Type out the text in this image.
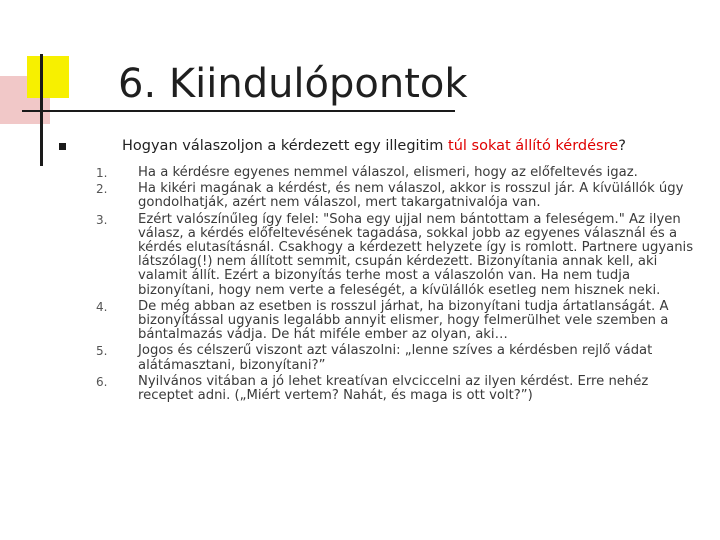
6. Kiindulópontok
Hogyan válaszoljon a kérdezett egy illegitim túl sokat állító kérdésre?
1. Ha a kérdésre egyenes nemmel válaszol, elismeri, hogy az előfeltevés igaz.
2. Ha kikéri magának a kérdést, és nem válaszol, akkor is rosszul jár. A kívülállók úgy gondolhatják, azért nem válaszol, mert takargatnivalója van.
3. Ezért valószínűleg így felel: "Soha egy ujjal nem bántottam a feleségem." Az ilyen válasz, a kérdés előfeltevésének tagadása, sokkal jobb az egyenes válasznál és a kérdés elutasításnál. Csakhogy a kérdezett helyzete így is romlott. Partnere ugyanis látszólag(!) nem állított semmit, csupán kérdezett. Bizonyítania annak kell, aki valamit állít. Ezért a bizonyítás terhe most a válaszolón van. Ha nem tudja bizonyítani, hogy nem verte a feleségét, a kívülállók esetleg nem hisznek neki.
4. De még abban az esetben is rosszul járhat, ha bizonyítani tudja ártatlanságát. A bizonyítással ugyanis legalább annyit elismer, hogy felmerülhet vele szemben a bántalmazás vádja. De hát miféle ember az olyan, aki…
5. Jogos és célszerű viszont azt válaszolni: „lenne szíves a kérdésben rejlő vádat alátámasztani, bizonyítani?”
6. Nyilvános vitában a jó lehet kreatívan elvciccelni az ilyen kérdést. Erre nehéz receptet adni. („Miért vertem? Nahát, és maga is ott volt?”)
